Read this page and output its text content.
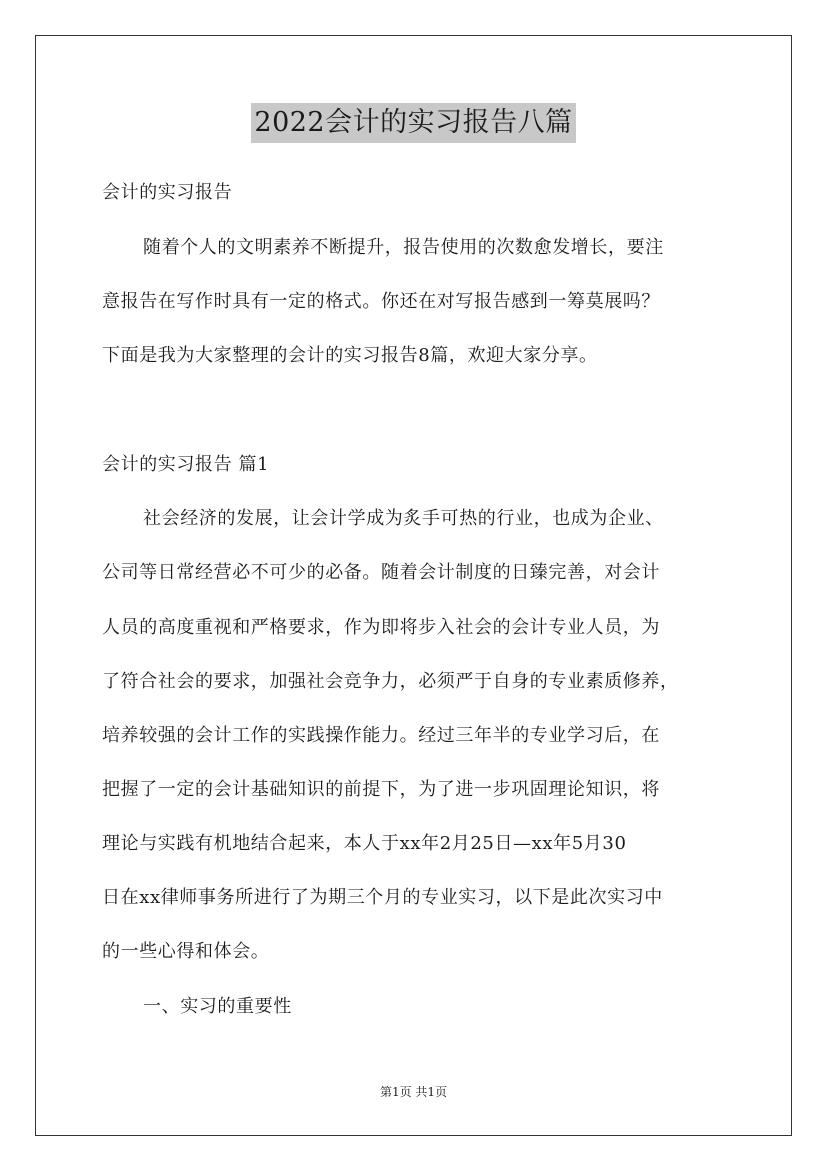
2022会计的实习报告八篇
会计的实习报告
随着个人的文明素养不断提升，报告使用的次数愈发增长，要注
意报告在写作时具有一定的格式。你还在对写报告感到一筹莫展吗？
下面是我为大家整理的会计的实习报告8篇，欢迎大家分享。
会计的实习报告 篇1
社会经济的发展，让会计学成为炙手可热的行业，也成为企业、
公司等日常经营必不可少的必备。随着会计制度的日臻完善，对会计
人员的高度重视和严格要求，作为即将步入社会的会计专业人员，为
了符合社会的要求，加强社会竞争力，必须严于自身的专业素质修养，
培养较强的会计工作的实践操作能力。经过三年半的专业学习后，在
把握了一定的会计基础知识的前提下，为了进一步巩固理论知识，将
理论与实践有机地结合起来，本人于xx年2月25日—xx年5月30
日在xx律师事务所进行了为期三个月的专业实习，以下是此次实习中
的一些心得和体会。
一、实习的重要性
第1页 共1页
